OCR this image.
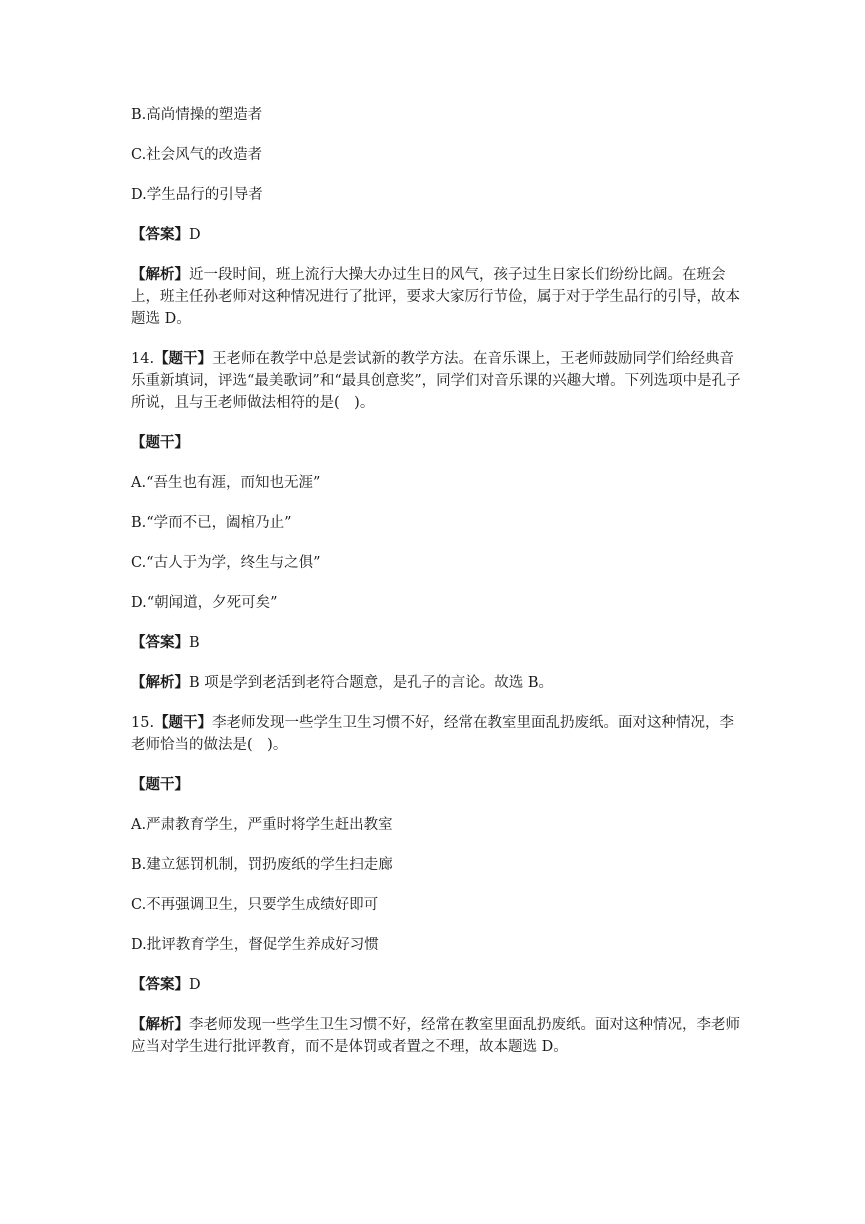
B.高尚情操的塑造者

C.社会风气的改造者

D.学生品行的引导者

【答案】D

【解析】近一段时间，班上流行大操大办过生日的风气，孩子过生日家长们纷纷比阔。在班会上，班主任孙老师对这种情况进行了批评，要求大家厉行节俭，属于对于学生品行的引导，故本题选 D。

14.【题干】王老师在教学中总是尝试新的教学方法。在音乐课上，王老师鼓励同学们给经典音乐重新填词，评选“最美歌词”和“最具创意奖”，同学们对音乐课的兴趣大增。下列选项中是孔子所说，且与王老师做法相符的是(　)。

【题干】

A.“吾生也有涯，而知也无涯”

B.“学而不已，阖棺乃止”

C.“古人于为学，终生与之俱”

D.“朝闻道，夕死可矣”

【答案】B

【解析】B 项是学到老活到老符合题意，是孔子的言论。故选 B。

15.【题干】李老师发现一些学生卫生习惯不好，经常在教室里面乱扔废纸。面对这种情况，李老师恰当的做法是(　)。

【题干】

A.严肃教育学生，严重时将学生赶出教室

B.建立惩罚机制，罚扔废纸的学生扫走廊

C.不再强调卫生，只要学生成绩好即可

D.批评教育学生，督促学生养成好习惯

【答案】D

【解析】李老师发现一些学生卫生习惯不好，经常在教室里面乱扔废纸。面对这种情况，李老师应当对学生进行批评教育，而不是体罚或者置之不理，故本题选 D。
